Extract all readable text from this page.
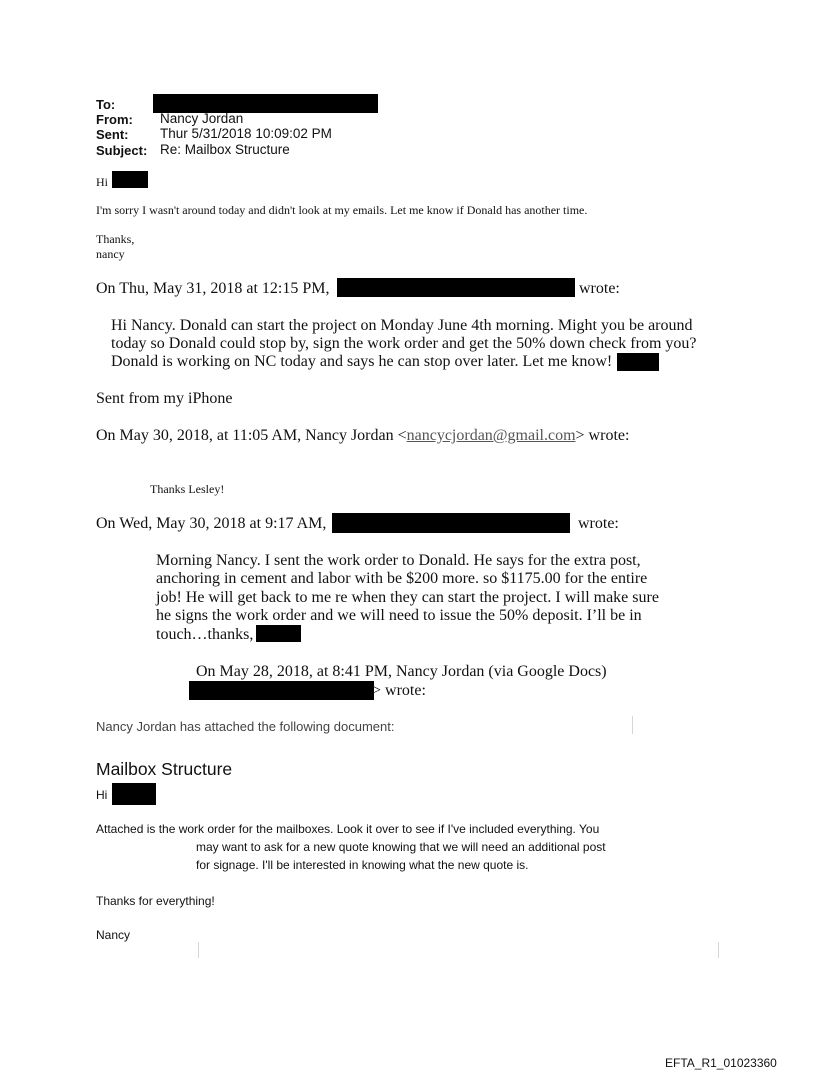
To:
From: Nancy Jordan
Sent: Thur 5/31/2018 10:09:02 PM
Subject: Re: Mailbox Structure
Hi
I'm sorry I wasn't around today and didn't look at my emails. Let me know if Donald has another time.
Thanks,
nancy
On Thu, May 31, 2018 at 12:15 PM,	wrote:
Hi Nancy. Donald can start the project on Monday June 4th morning. Might you be around
today so Donald could stop by, sign the work order and get the 50% down check from you?
Donald is working on NC today and says he can stop over later. Let me know!
Sent from my iPhone
On May 30, 2018, at 11:05 AM, Nancy Jordan <nancycjordan@gmail.com> wrote:
Thanks Lesley!
On Wed, May 30, 2018 at 9:17 AM,	wrote:
Morning Nancy. I sent the work order to Donald. He says for the extra post,
anchoring in cement and labor with be $200 more. so $1175.00 for the entire
job! He will get back to me re when they can start the project. I will make sure
he signs the work order and we will need to issue the 50% deposit. I’ll be in
touch…thanks,
On May 28, 2018, at 8:41 PM, Nancy Jordan (via Google Docs)
> wrote:
Nancy Jordan has attached the following document:
Mailbox Structure
Hi
Attached is the work order for the mailboxes. Look it over to see if I've included everything. You
may want to ask for a new quote knowing that we will need an additional post
for signage. I'll be interested in knowing what the new quote is.
Thanks for everything!
Nancy
EFTA_R1_01023360
